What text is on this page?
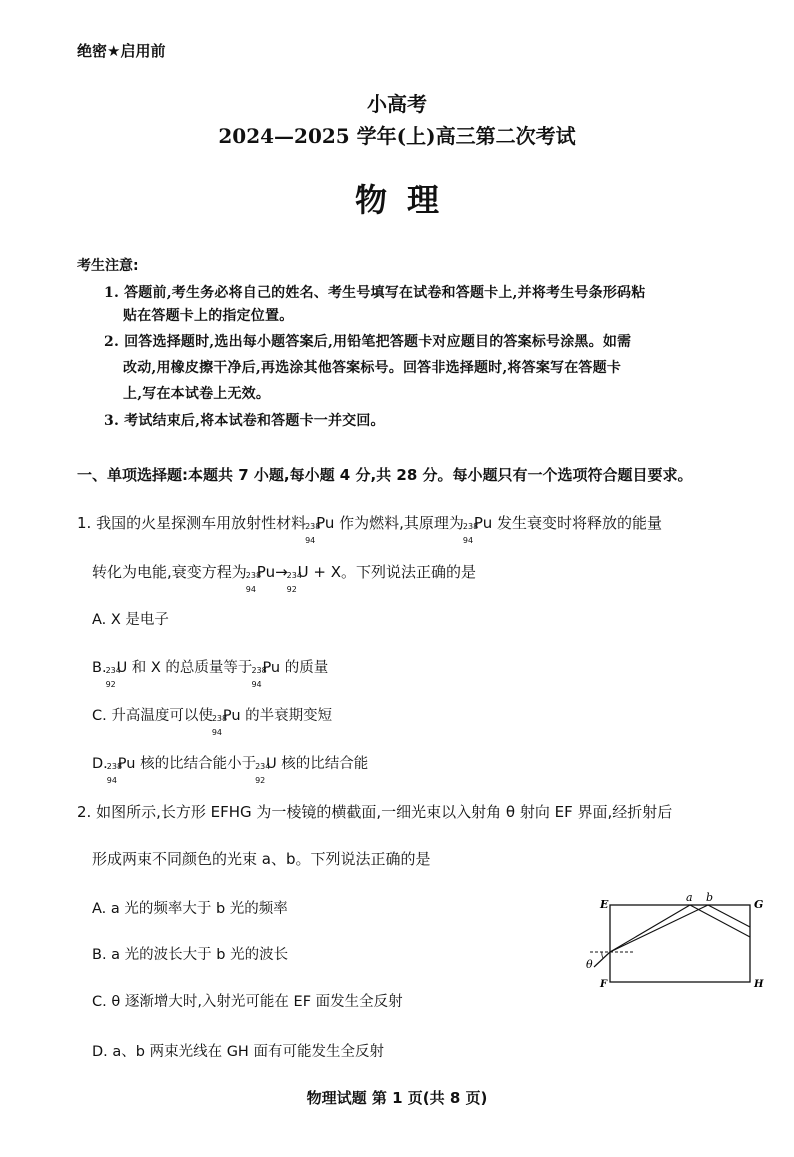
绝密★启用前
小高考
2024—2025 学年(上)高三第二次考试
物理
考生注意:
1. 答题前,考生务必将自己的姓名、考生号填写在试卷和答题卡上,并将考生号条形码粘
贴在答题卡上的指定位置。
2. 回答选择题时,选出每小题答案后,用铅笔把答题卡对应题目的答案标号涂黑。如需
改动,用橡皮擦干净后,再选涂其他答案标号。回答非选择题时,将答案写在答题卡
上,写在本试卷上无效。
3. 考试结束后,将本试卷和答题卡一并交回。
一、单项选择题:本题共 7 小题,每小题 4 分,共 28 分。每小题只有一个选项符合题目要求。
1. 我国的火星探测车用放射性材料 238
94
Pu 作为燃料,其原理为 238
94
Pu 发生衰变时将释放的能量
转化为电能,衰变方程为 238
94
Pu→ 234
92
U + X。下列说法正确的是
A. X 是电子
B. 234
92
U 和 X 的总质量等于 238
94
Pu 的质量
C. 升高温度可以使 238
94
Pu 的半衰期变短
D. 238
94
Pu 核的比结合能小于 234
92
U 核的比结合能
2. 如图所示,长方形 EFHG 为一棱镜的横截面,一细光束以入射角 θ 射向 EF 界面,经折射后
形成两束不同颜色的光束 a、b。下列说法正确的是
A. a 光的频率大于 b 光的频率
B. a 光的波长大于 b 光的波长
C. θ 逐渐增大时,入射光可能在 EF 面发生全反射
D. a、b 两束光线在 GH 面有可能发生全反射
E	G
F	H
a b
θ
物理试题 第 1 页(共 8 页)
